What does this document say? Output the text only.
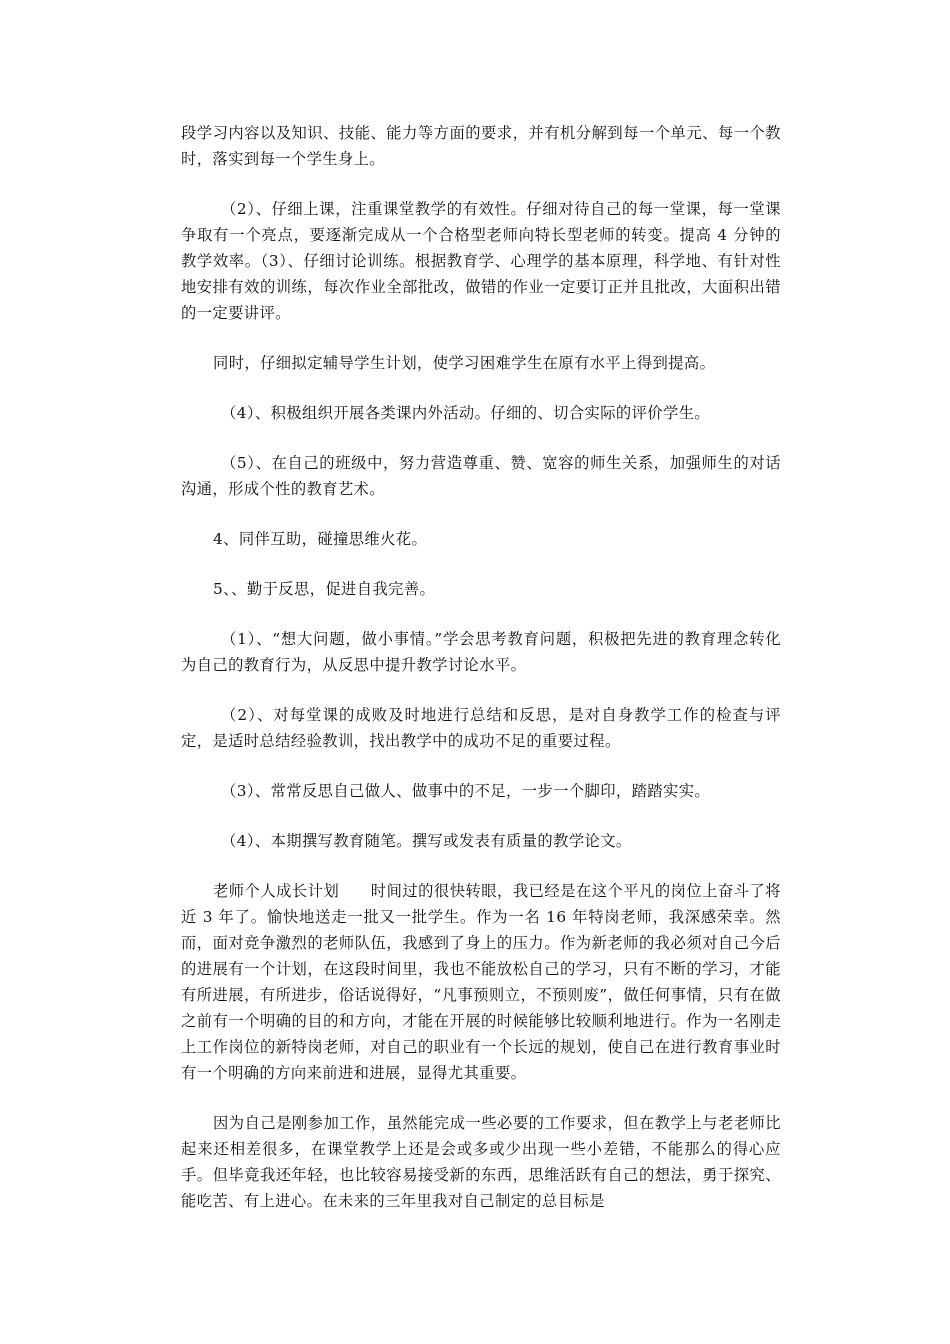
段学习内容以及知识、技能、能力等方面的要求，并有机分解到每一个单元、每一个教时，落实到每一个学生身上。

（2）、仔细上课，注重课堂教学的有效性。仔细对待自己的每一堂课，每一堂课争取有一个亮点，要逐渐完成从一个合格型老师向特长型老师的转变。提高 4 分钟的教学效率。（3）、仔细讨论训练。根据教育学、心理学的基本原理，科学地、有针对性地安排有效的训练，每次作业全部批改，做错的作业一定要订正并且批改，大面积出错的一定要讲评。

同时，仔细拟定辅导学生计划，使学习困难学生在原有水平上得到提高。

（4）、积极组织开展各类课内外活动。仔细的、切合实际的评价学生。

（5）、在自己的班级中，努力营造尊重、赞、宽容的师生关系，加强师生的对话沟通，形成个性的教育艺术。

4、同伴互助，碰撞思维火花。

5、、勤于反思，促进自我完善。

（1）、“想大问题，做小事情。”学会思考教育问题，积极把先进的教育理念转化为自己的教育行为，从反思中提升教学讨论水平。

（2）、对每堂课的成败及时地进行总结和反思，是对自身教学工作的检查与评定，是适时总结经验教训，找出教学中的成功不足的重要过程。

（3）、常常反思自己做人、做事中的不足，一步一个脚印，踏踏实实。

（4）、本期撰写教育随笔。撰写或发表有质量的教学论文。

老师个人成长计划　　时间过的很快转眼，我已经是在这个平凡的岗位上奋斗了将近 3 年了。愉快地送走一批又一批学生。作为一名 16 年特岗老师，我深感荣幸。然而，面对竞争激烈的老师队伍，我感到了身上的压力。作为新老师的我必须对自己今后的进展有一个计划，在这段时间里，我也不能放松自己的学习，只有不断的学习，才能有所进展，有所进步，俗话说得好，“凡事预则立，不预则废”，做任何事情，只有在做之前有一个明确的目的和方向，才能在开展的时候能够比较顺利地进行。作为一名刚走上工作岗位的新特岗老师，对自己的职业有一个长远的规划，使自己在进行教育事业时有一个明确的方向来前进和进展，显得尤其重要。

因为自己是刚参加工作，虽然能完成一些必要的工作要求，但在教学上与老老师比起来还相差很多，在课堂教学上还是会或多或少出现一些小差错，不能那么的得心应手。但毕竟我还年轻，也比较容易接受新的东西，思维活跃有自己的想法，勇于探究、能吃苦、有上进心。在未来的三年里我对自己制定的总目标是
